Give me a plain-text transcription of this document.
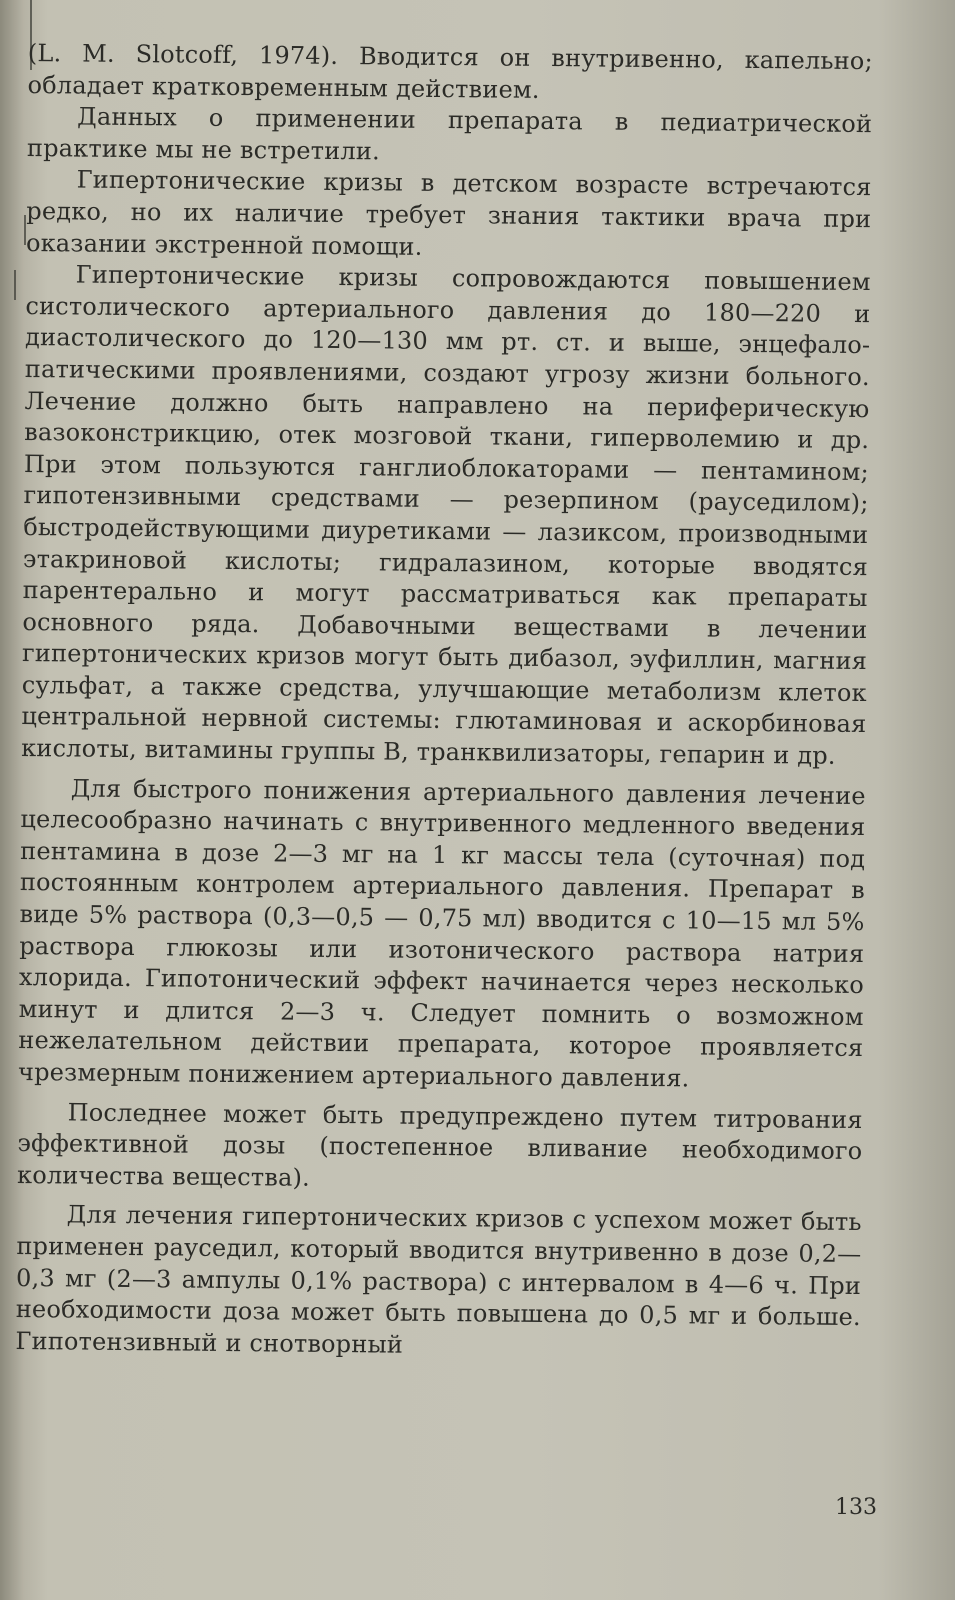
(L. M. Slotcoff, 1974). Вводится он внутривенно, капельно; обладает кратковременным действием.

Данных о применении препарата в педиатрической практике мы не встретили.

Гипертонические кризы в детском возрасте встречаются редко, но их наличие требует знания тактики врача при оказании экстренной помощи.

Гипертонические кризы сопровождаются повышением систолического артериального давления до 180—220 и диастолического до 120—130 мм рт. ст. и выше, энцефалопатическими проявлениями, создают угрозу жизни больного. Лечение должно быть направлено на периферическую вазоконстрикцию, отек мозговой ткани, гиперволемию и др. При этом пользуются ганглиоблокаторами — пентамином; гипотензивными средствами — резерпином (рауседилом); быстродействующими диуретиками — лазиксом, производными этакриновой кислоты; гидралазином, которые вводятся парентерально и могут рассматриваться как препараты основного ряда. Добавочными веществами в лечении гипертонических кризов могут быть дибазол, эуфиллин, магния сульфат, а также средства, улучшающие метаболизм клеток центральной нервной системы: глютаминовая и аскорбиновая кислоты, витамины группы B, транквилизаторы, гепарин и др.

Для быстрого понижения артериального давления лечение целесообразно начинать с внутривенного медленного введения пентамина в дозе 2—3 мг на 1 кг массы тела (суточная) под постоянным контролем артериального давления. Препарат в виде 5% раствора (0,3—0,5 — 0,75 мл) вводится с 10—15 мл 5% раствора глюкозы или изотонического раствора натрия хлорида. Гипотонический эффект начинается через несколько минут и длится 2—3 ч. Следует помнить о возможном нежелательном действии препарата, которое проявляется чрезмерным понижением артериального давления.

Последнее может быть предупреждено путем титрования эффективной дозы (постепенное вливание необходимого количества вещества).

Для лечения гипертонических кризов с успехом может быть применен рауседил, который вводится внутривенно в дозе 0,2—0,3 мг (2—3 ампулы 0,1% раствора) с интервалом в 4—6 ч. При необходимости доза может быть повышена до 0,5 мг и больше. Гипотензивный и снотворный

133
